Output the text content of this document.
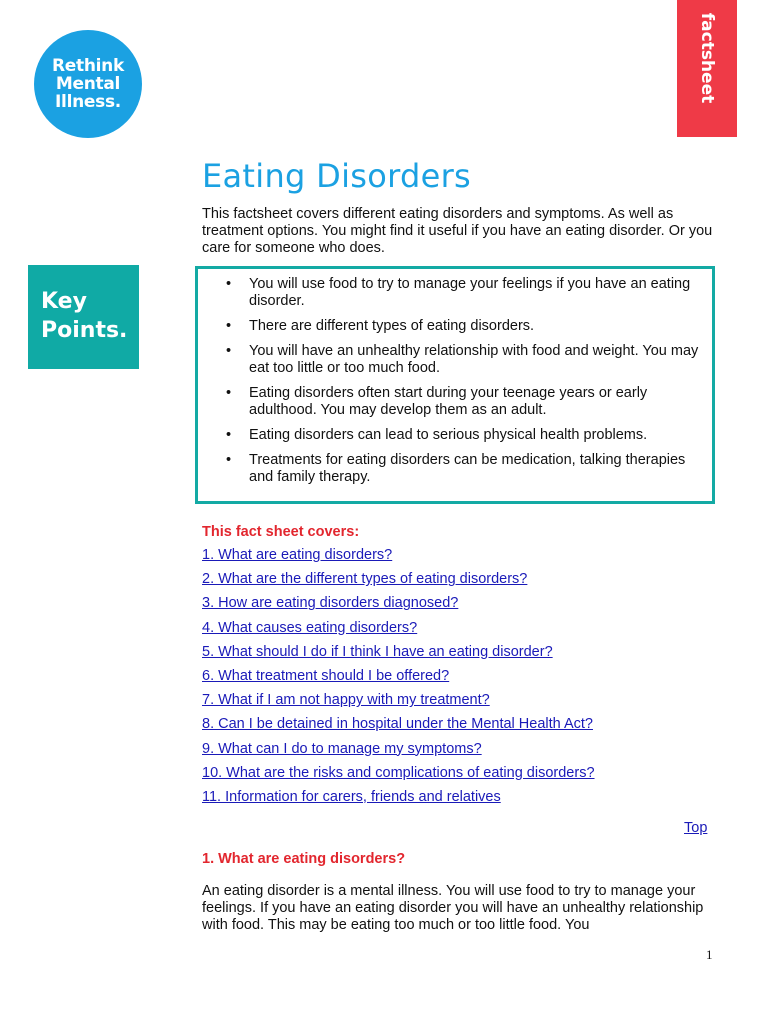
Rethink
Mental
Illness.	factsheet
Eating Disorders

This factsheet covers different eating disorders and symptoms. As well as treatment options. You might find it useful if you have an eating disorder. Or you care for someone who does.

Key
Points.
• You will use food to try to manage your feelings if you have an eating disorder.
• There are different types of eating disorders.
• You will have an unhealthy relationship with food and weight. You may eat too little or too much food.
• Eating disorders often start during your teenage years or early adulthood. You may develop them as an adult.
• Eating disorders can lead to serious physical health problems.
• Treatments for eating disorders can be medication, talking therapies and family therapy.

This fact sheet covers:

1. What are eating disorders?
2. What are the different types of eating disorders?
3. How are eating disorders diagnosed?
4. What causes eating disorders?
5. What should I do if I think I have an eating disorder?
6. What treatment should I be offered?
7. What if I am not happy with my treatment?
8. Can I be detained in hospital under the Mental Health Act?
9. What can I do to manage my symptoms?
10. What are the risks and complications of eating disorders?
11. Information for carers, friends and relatives
Top

1. What are eating disorders?

An eating disorder is a mental illness. You will use food to try to manage your feelings. If you have an eating disorder you will have an unhealthy relationship with food. This may be eating too much or too little food. You

1
